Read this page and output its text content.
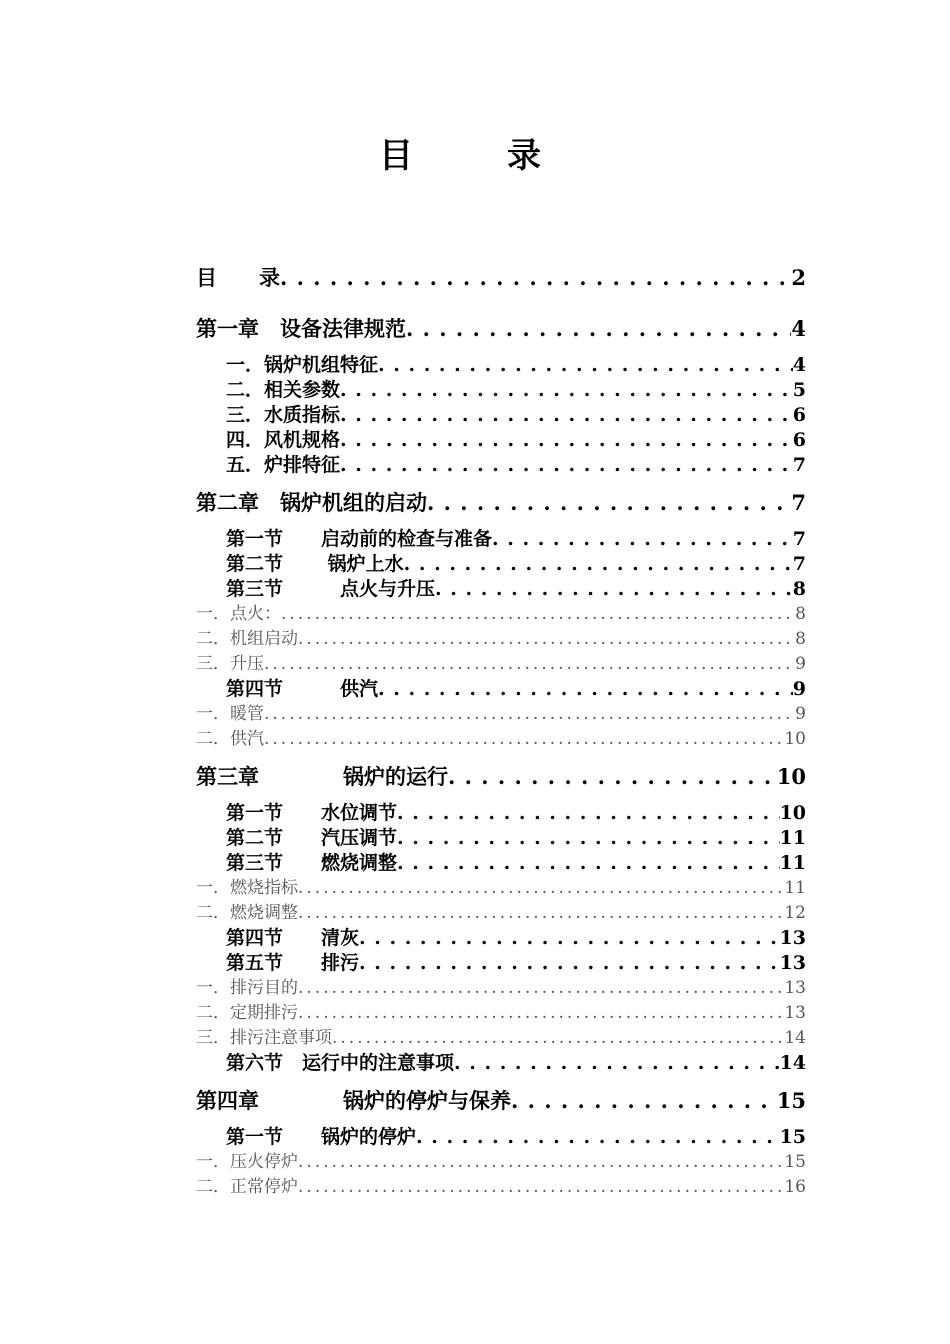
目　录
目　　录 . . .	2
第一章　设备法律规范 . . .	4
一．锅炉机组特征 . . .	4
二．相关参数 . . .	5
三．水质指标 . . .	6
四．风机规格 . . .	6
五．炉排特征 . . .	7
第二章　锅炉机组的启动 . . .	7
第一节　　启动前的检查与准备 . . .	7
第二节　　 锅炉上水 . . .	7
第三节　　　点火与升压 . . .	8
一．点火： .....	8
二．机组启动 .....	8
三．升压 .....	9
第四节　　　供汽 . . .	9
一．暖管 .....	9
二．供汽 .....	10
第三章　　　　锅炉的运行 . . .	10
第一节　　水位调节 . . .	10
第二节　　汽压调节 . . .	11
第三节　　燃烧调整 . . .	11
一．燃烧指标 .....	11
二．燃烧调整 .....	12
第四节　　清灰 . . .	13
第五节　　排污 . . .	13
一．排污目的 .....	13
二．定期排污 .....	13
三．排污注意事项 .....	14
第六节　运行中的注意事项 . . .	14
第四章　　　　锅炉的停炉与保养 . . .	15
第一节　　锅炉的停炉 . . .	15
一．压火停炉 .....	15
二．正常停炉 .....	16
